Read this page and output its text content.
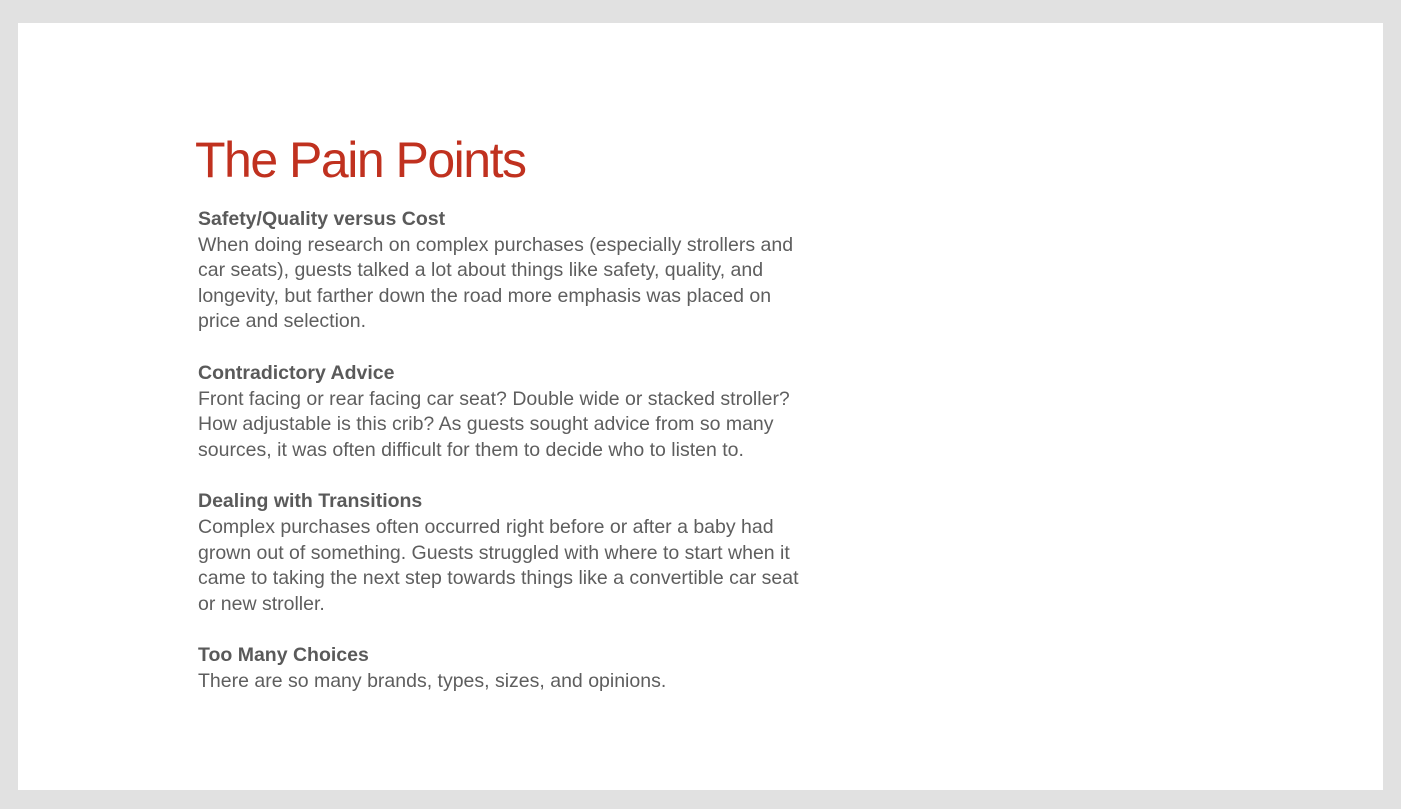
The Pain Points
Safety/Quality versus Cost
When doing research on complex purchases (especially strollers and car seats), guests talked a lot about things like safety, quality, and longevity, but farther down the road more emphasis was placed on price and selection.
Contradictory Advice
Front facing or rear facing car seat? Double wide or stacked stroller? How adjustable is this crib? As guests sought advice from so many sources, it was often difficult for them to decide who to listen to.
Dealing with Transitions
Complex purchases often occurred right before or after a baby had grown out of something. Guests struggled with where to start when it came to taking the next step towards things like a convertible car seat or new stroller.
Too Many Choices
There are so many brands, types, sizes, and opinions.
